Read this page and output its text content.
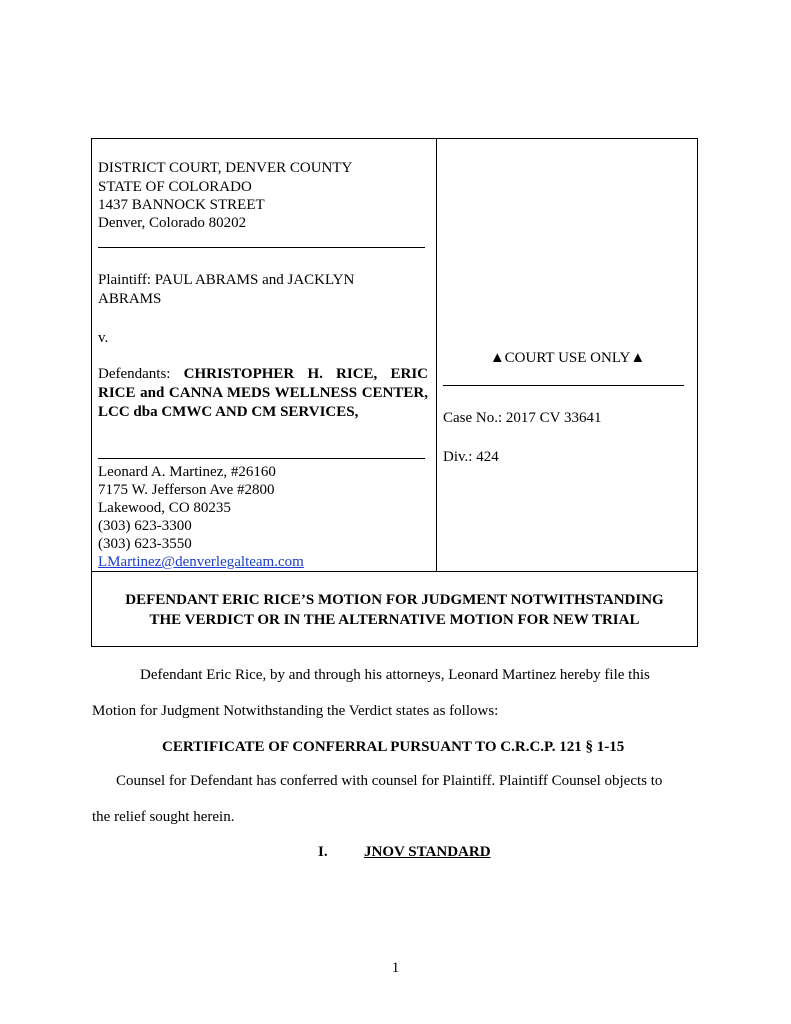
DISTRICT COURT, DENVER COUNTY
STATE OF COLORADO
1437 BANNOCK STREET
Denver, Colorado 80202
Plaintiff: PAUL ABRAMS and JACKLYN
ABRAMS
v.
Defendants: CHRISTOPHER H. RICE, ERIC RICE and CANNA MEDS WELLNESS CENTER, LCC dba CMWC AND CM SERVICES,
Leonard A. Martinez, #26160
7175 W. Jefferson Ave #2800
Lakewood, CO 80235
(303) 623-3300
(303) 623-3550
LMartinez@denverlegalteam.com
▲COURT USE ONLY▲
Case No.: 2017 CV 33641
Div.: 424
DEFENDANT ERIC RICE’S MOTION FOR JUDGMENT NOTWITHSTANDING
THE VERDICT OR IN THE ALTERNATIVE MOTION FOR NEW TRIAL
Defendant Eric Rice, by and through his attorneys, Leonard Martinez hereby file this
Motion for Judgment Notwithstanding the Verdict states as follows:
CERTIFICATE OF CONFERRAL PURSUANT TO C.R.C.P. 121 § 1-15
Counsel for Defendant has conferred with counsel for Plaintiff. Plaintiff Counsel objects to
the relief sought herein.
I. JNOV STANDARD
1
